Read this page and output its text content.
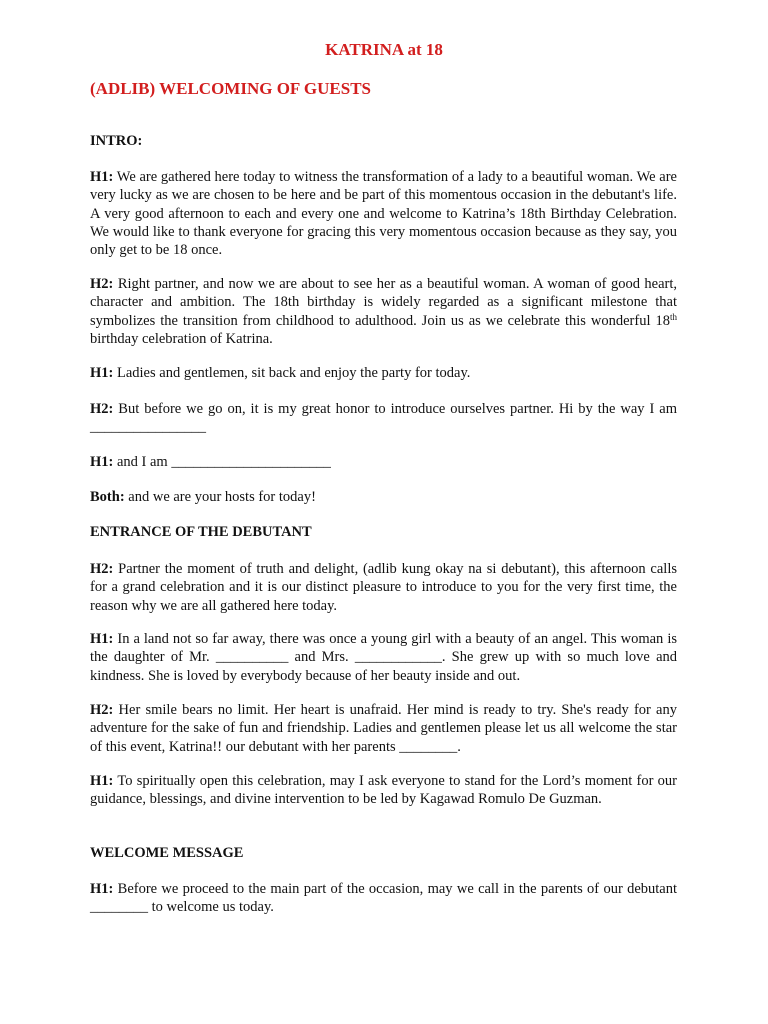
KATRINA at 18
(ADLIB) WELCOMING OF GUESTS
INTRO:

H1: We are gathered here today to witness the transformation of a lady to a beautiful woman. We are very lucky as we are chosen to be here and be part of this momentous occasion in the debutant's life. A very good afternoon to each and every one and welcome to Katrina’s 18th Birthday Celebration. We would like to thank everyone for gracing this very momentous occasion because as they say, you only get to be 18 once.

H2: Right partner, and now we are about to see her as a beautiful woman. A woman of good heart, character and ambition. The 18th birthday is widely regarded as a significant milestone that symbolizes the transition from childhood to adulthood. Join us as we celebrate this wonderful 18th birthday celebration of Katrina.

H1: Ladies and gentlemen, sit back and enjoy the party for today.

H2: But before we go on, it is my great honor to introduce ourselves partner. Hi by the way I am ________________

H1: and I am ______________________

Both: and we are your hosts for today!

ENTRANCE OF THE DEBUTANT

H2: Partner the moment of truth and delight, (adlib kung okay na si debutant), this afternoon calls for a grand celebration and it is our distinct pleasure to introduce to you for the very first time, the reason why we are all gathered here today.

H1: In a land not so far away, there was once a young girl with a beauty of an angel. This woman is the daughter of Mr. __________ and Mrs. ____________. She grew up with so much love and kindness. She is loved by everybody because of her beauty inside and out.

H2: Her smile bears no limit. Her heart is unafraid. Her mind is ready to try. She's ready for any adventure for the sake of fun and friendship. Ladies and gentlemen please let us all welcome the star of this event, Katrina!! our debutant with her parents ________.

H1: To spiritually open this celebration, may I ask everyone to stand for the Lord’s moment for our guidance, blessings, and divine intervention to be led by Kagawad Romulo De Guzman.

WELCOME MESSAGE

H1: Before we proceed to the main part of the occasion, may we call in the parents of our debutant ________ to welcome us today.
